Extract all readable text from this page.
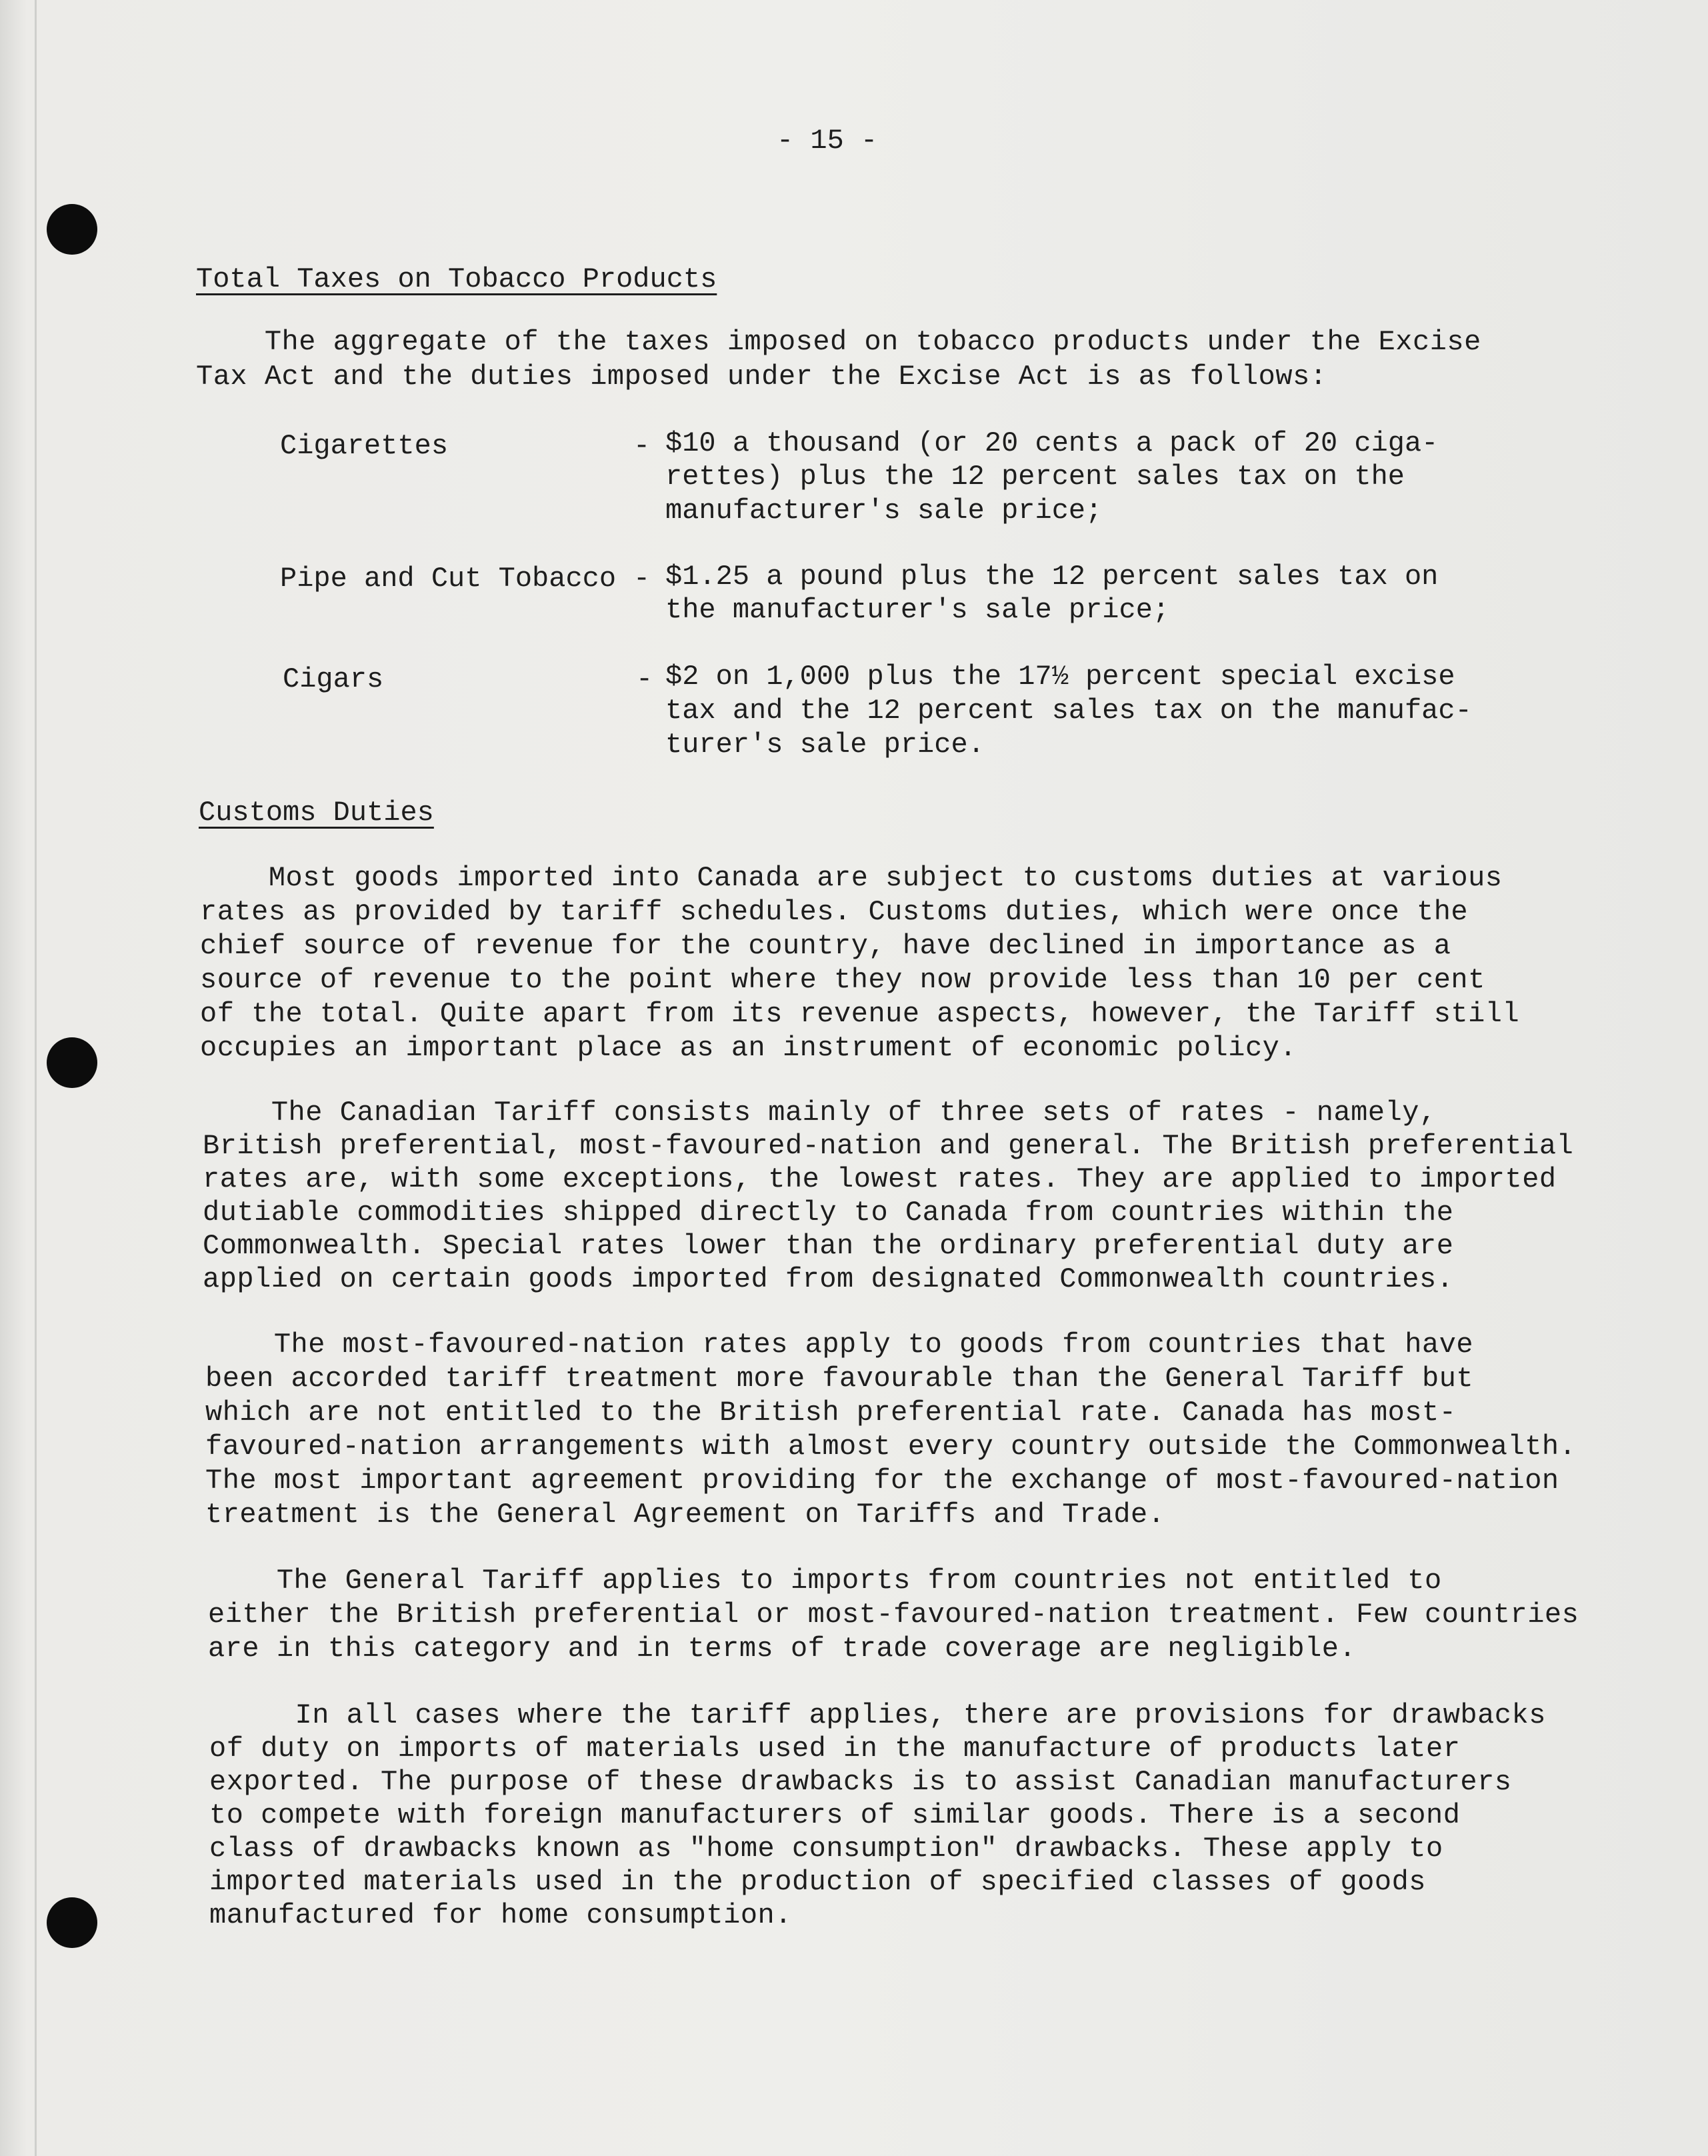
- 15 -
Total Taxes on Tobacco Products
The aggregate of the taxes imposed on tobacco products under the Excise
Tax Act and the duties imposed under the Excise Act is as follows:
Cigarettes	- $10 a thousand (or 20 cents a pack of 20 ciga-
rettes) plus the 12 percent sales tax on the
manufacturer's sale price;
Pipe and Cut Tobacco - $1.25 a pound plus the 12 percent sales tax on
the manufacturer's sale price;
Cigars	- $2 on 1,000 plus the 17½ percent special excise
tax and the 12 percent sales tax on the manufac-
turer's sale price.
Customs Duties
Most goods imported into Canada are subject to customs duties at various
rates as provided by tariff schedules. Customs duties, which were once the
chief source of revenue for the country, have declined in importance as a
source of revenue to the point where they now provide less than 10 per cent
of the total. Quite apart from its revenue aspects, however, the Tariff still
occupies an important place as an instrument of economic policy.
The Canadian Tariff consists mainly of three sets of rates - namely,
British preferential, most-favoured-nation and general. The British preferential
rates are, with some exceptions, the lowest rates. They are applied to imported
dutiable commodities shipped directly to Canada from countries within the
Commonwealth. Special rates lower than the ordinary preferential duty are
applied on certain goods imported from designated Commonwealth countries.
The most-favoured-nation rates apply to goods from countries that have
been accorded tariff treatment more favourable than the General Tariff but
which are not entitled to the British preferential rate. Canada has most-
favoured-nation arrangements with almost every country outside the Commonwealth.
The most important agreement providing for the exchange of most-favoured-nation
treatment is the General Agreement on Tariffs and Trade.
The General Tariff applies to imports from countries not entitled to
either the British preferential or most-favoured-nation treatment. Few countries
are in this category and in terms of trade coverage are negligible.
In all cases where the tariff applies, there are provisions for drawbacks
of duty on imports of materials used in the manufacture of products later
exported. The purpose of these drawbacks is to assist Canadian manufacturers
to compete with foreign manufacturers of similar goods. There is a second
class of drawbacks known as "home consumption" drawbacks. These apply to
imported materials used in the production of specified classes of goods
manufactured for home consumption.
